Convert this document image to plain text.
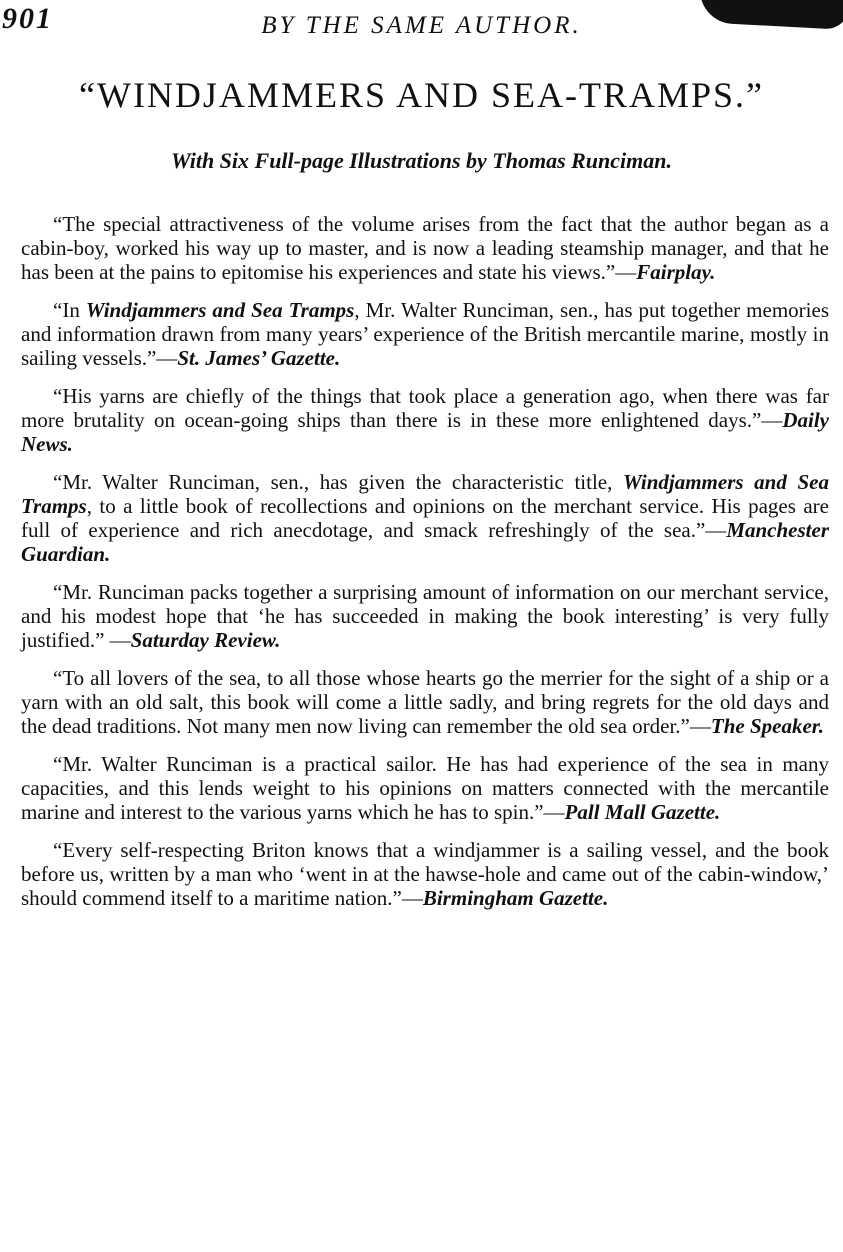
901	BY THE SAME AUTHOR.
“WINDJAMMERS AND SEA-TRAMPS.”
With Six Full-page Illustrations by Thomas Runciman.

“The special attractiveness of the volume arises from the fact that the author began as a cabin-boy, worked his way up to master, and is now a leading steamship manager, and that he has been at the pains to epitomise his experiences and state his views.”—Fairplay.

“In Windjammers and Sea Tramps, Mr. Walter Runciman, sen., has put together memories and information drawn from many years’ experience of the British mercantile marine, mostly in sailing vessels.”—St. James’ Gazette.

“His yarns are chiefly of the things that took place a generation ago, when there was far more brutality on ocean-going ships than there is in these more enlightened days.”—Daily News.

“Mr. Walter Runciman, sen., has given the characteristic title, Windjammers and Sea Tramps, to a little book of recollections and opinions on the merchant service. His pages are full of experience and rich anecdotage, and smack refreshingly of the sea.”—Manchester Guardian.

“Mr. Runciman packs together a surprising amount of information on our merchant service, and his modest hope that ‘he has succeeded in making the book interesting’ is very fully justified.” —Saturday Review.

“To all lovers of the sea, to all those whose hearts go the merrier for the sight of a ship or a yarn with an old salt, this book will come a little sadly, and bring regrets for the old days and the dead traditions. Not many men now living can remember the old sea order.”—The Speaker.

“Mr. Walter Runciman is a practical sailor. He has had experience of the sea in many capacities, and this lends weight to his opinions on matters connected with the mercantile marine and interest to the various yarns which he has to spin.”—Pall Mall Gazette.

“Every self-respecting Briton knows that a windjammer is a sailing vessel, and the book before us, written by a man who ‘went in at the hawse-hole and came out of the cabin-window,’ should commend itself to a maritime nation.”—Birmingham Gazette.
